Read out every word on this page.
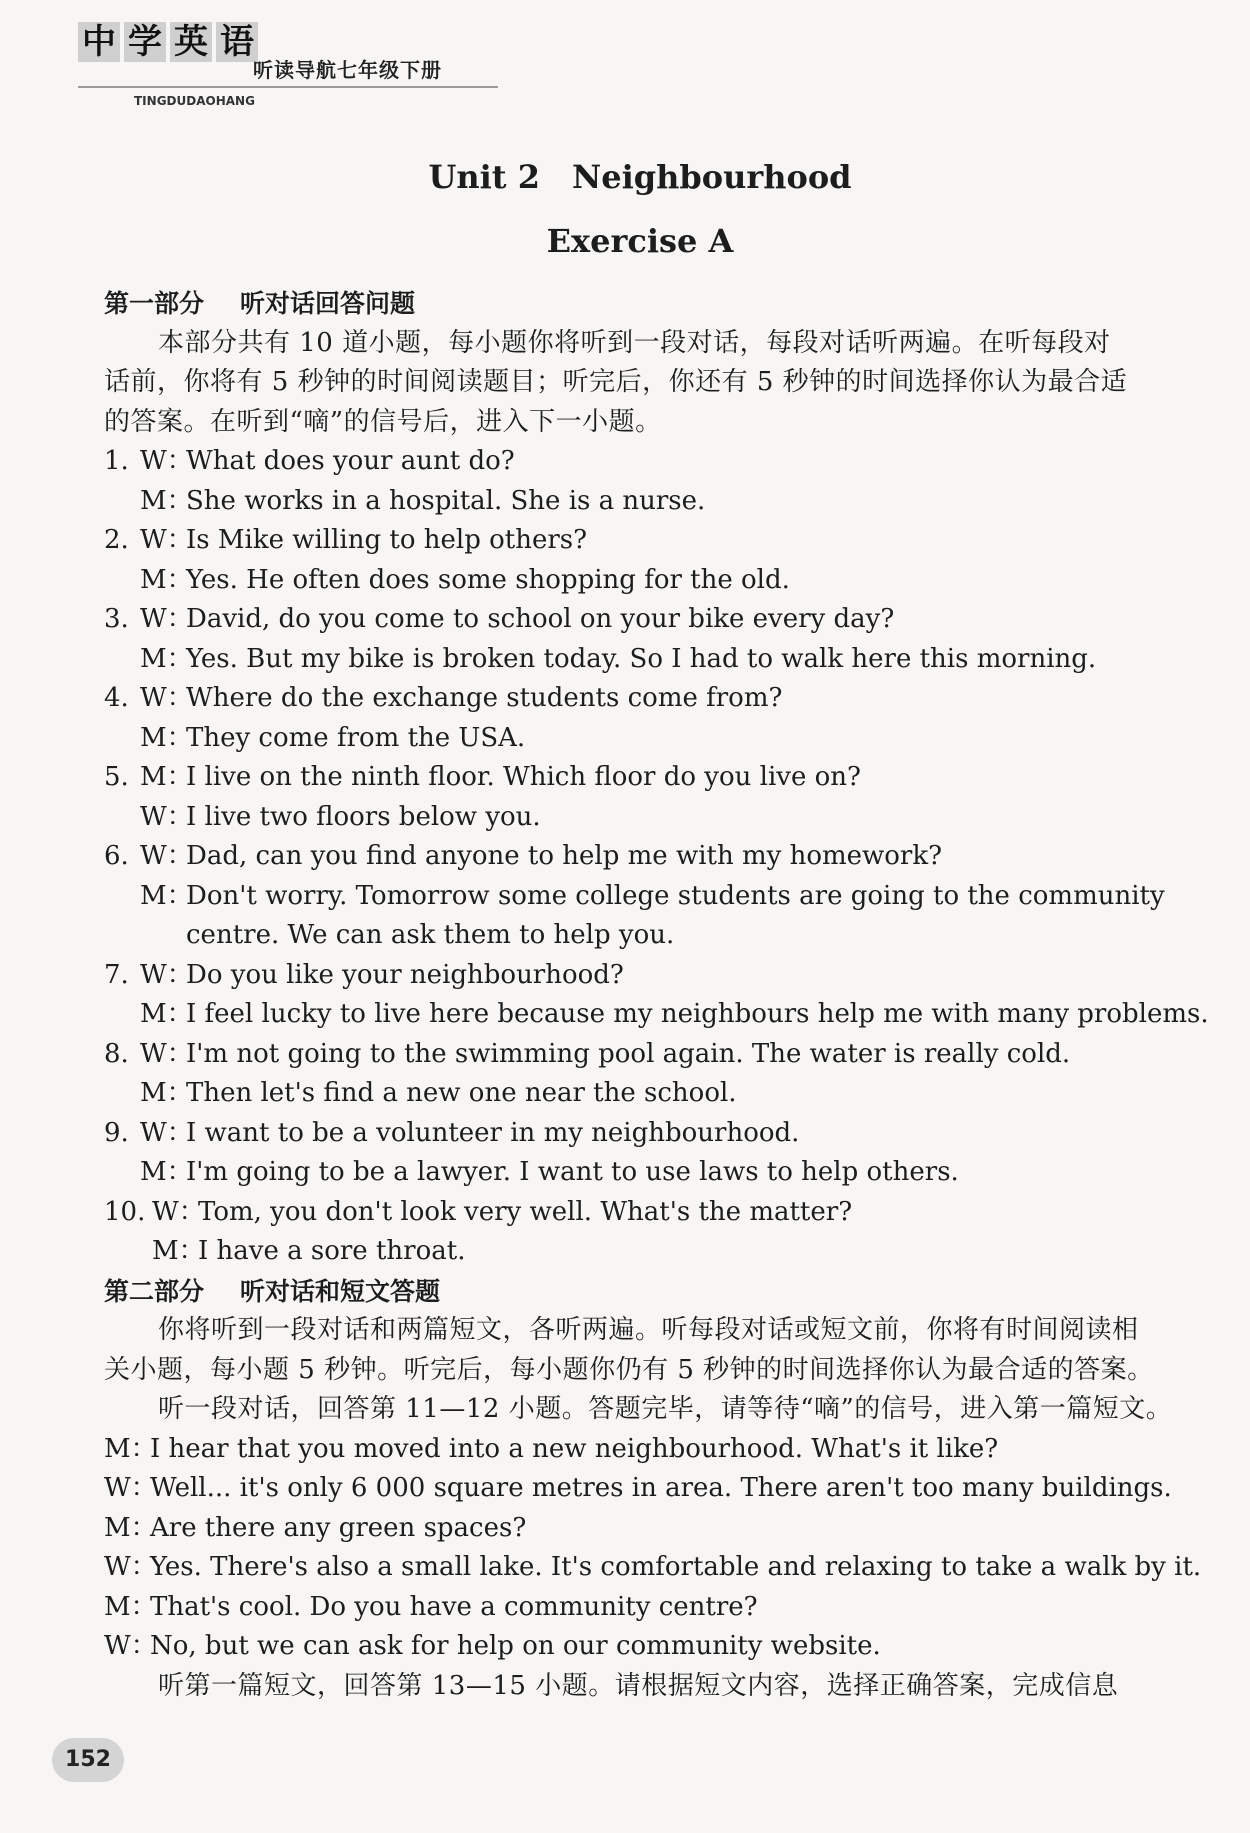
中 学 英 语
听读导航七年级下册
TINGDUDAOHANG
Unit 2　Neighbourhood
Exercise A
第一部分 听对话回答问题
本部分共有 10 道小题，每小题你将听到一段对话，每段对话听两遍。在听每段对
话前，你将有 5 秒钟的时间阅读题目；听完后，你还有 5 秒钟的时间选择你认为最合适
的答案。在听到“嘀”的信号后，进入下一小题。
1. W：What does your aunt do?
M：She works in a hospital. She is a nurse.
2. W：Is Mike willing to help others?
M：Yes. He often does some shopping for the old.
3. W：David, do you come to school on your bike every day?
M：Yes. But my bike is broken today. So I had to walk here this morning.
4. W：Where do the exchange students come from?
M：They come from the USA.
5. M：I live on the ninth floor. Which floor do you live on?
W：I live two floors below you.
6. W：Dad, can you find anyone to help me with my homework?
M：Don't worry. Tomorrow some college students are going to the community
centre. We can ask them to help you.
7. W：Do you like your neighbourhood?
M：I feel lucky to live here because my neighbours help me with many problems.
8. W：I'm not going to the swimming pool again. The water is really cold.
M：Then let's find a new one near the school.
9. W：I want to be a volunteer in my neighbourhood.
M：I'm going to be a lawyer. I want to use laws to help others.
10. W：Tom, you don't look very well. What's the matter?
M：I have a sore throat.
第二部分 听对话和短文答题
你将听到一段对话和两篇短文，各听两遍。听每段对话或短文前，你将有时间阅读相
关小题，每小题 5 秒钟。听完后，每小题你仍有 5 秒钟的时间选择你认为最合适的答案。
听一段对话，回答第 11—12 小题。答题完毕，请等待“嘀”的信号，进入第一篇短文。
M：I hear that you moved into a new neighbourhood. What's it like?
W：Well... it's only 6 000 square metres in area. There aren't too many buildings.
M：Are there any green spaces?
W：Yes. There's also a small lake. It's comfortable and relaxing to take a walk by it.
M：That's cool. Do you have a community centre?
W：No, but we can ask for help on our community website.
听第一篇短文，回答第 13—15 小题。请根据短文内容，选择正确答案，完成信息
152
